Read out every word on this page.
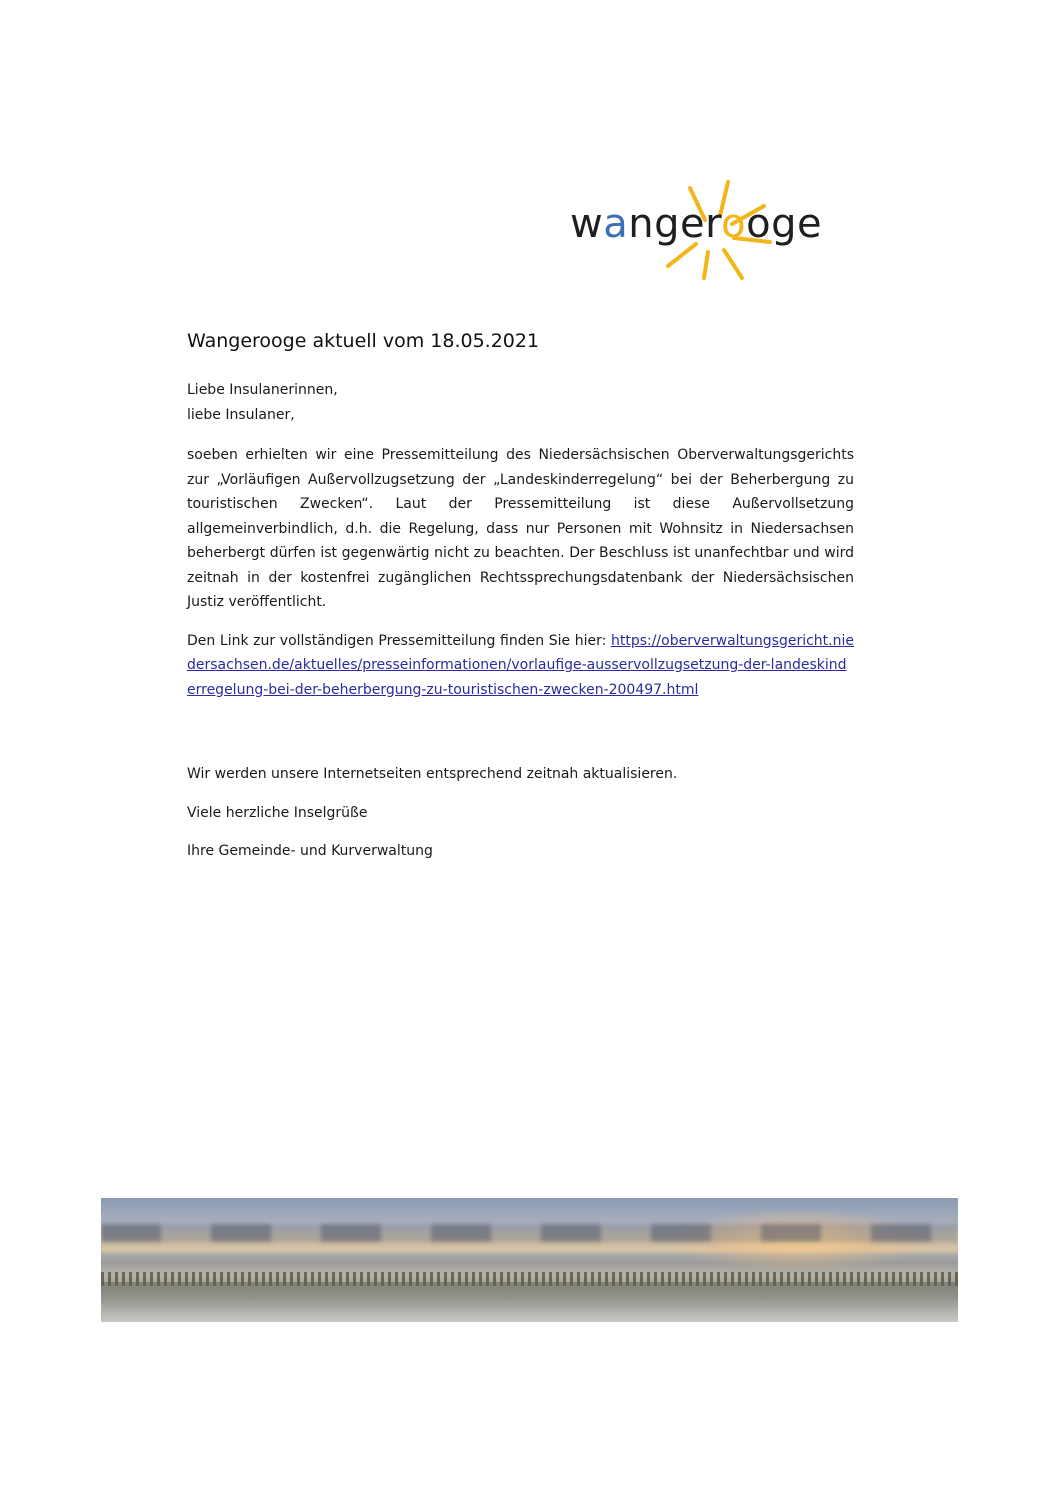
wangerooge
Wangerooge aktuell vom 18.05.2021
Liebe Insulanerinnen,
liebe Insulaner,

soeben erhielten wir eine Pressemitteilung des Niedersächsischen Oberverwaltungsgerichts zur „Vorläufigen Außervollzugsetzung der „Landeskinderregelung“ bei der Beherbergung zu touristischen Zwecken“. Laut der Pressemitteilung ist diese Außervollsetzung allgemeinverbindlich, d.h. die Regelung, dass nur Personen mit Wohnsitz in Niedersachsen beherbergt dürfen ist gegenwärtig nicht zu beachten. Der Beschluss ist unanfechtbar und wird zeitnah in der kostenfrei zugänglichen Rechtssprechungsdatenbank der Niedersächsischen Justiz veröffentlicht.

Den Link zur vollständigen Pressemitteilung finden Sie hier: https://oberverwaltungsgericht.niedersachsen.de/aktuelles/presseinformationen/vorlaufige-ausservollzugsetzung-der-landeskinderregelung-bei-der-beherbergung-zu-touristischen-zwecken-200497.html

Wir werden unsere Internetseiten entsprechend zeitnah aktualisieren.

Viele herzliche Inselgrüße

Ihre Gemeinde- und Kurverwaltung
